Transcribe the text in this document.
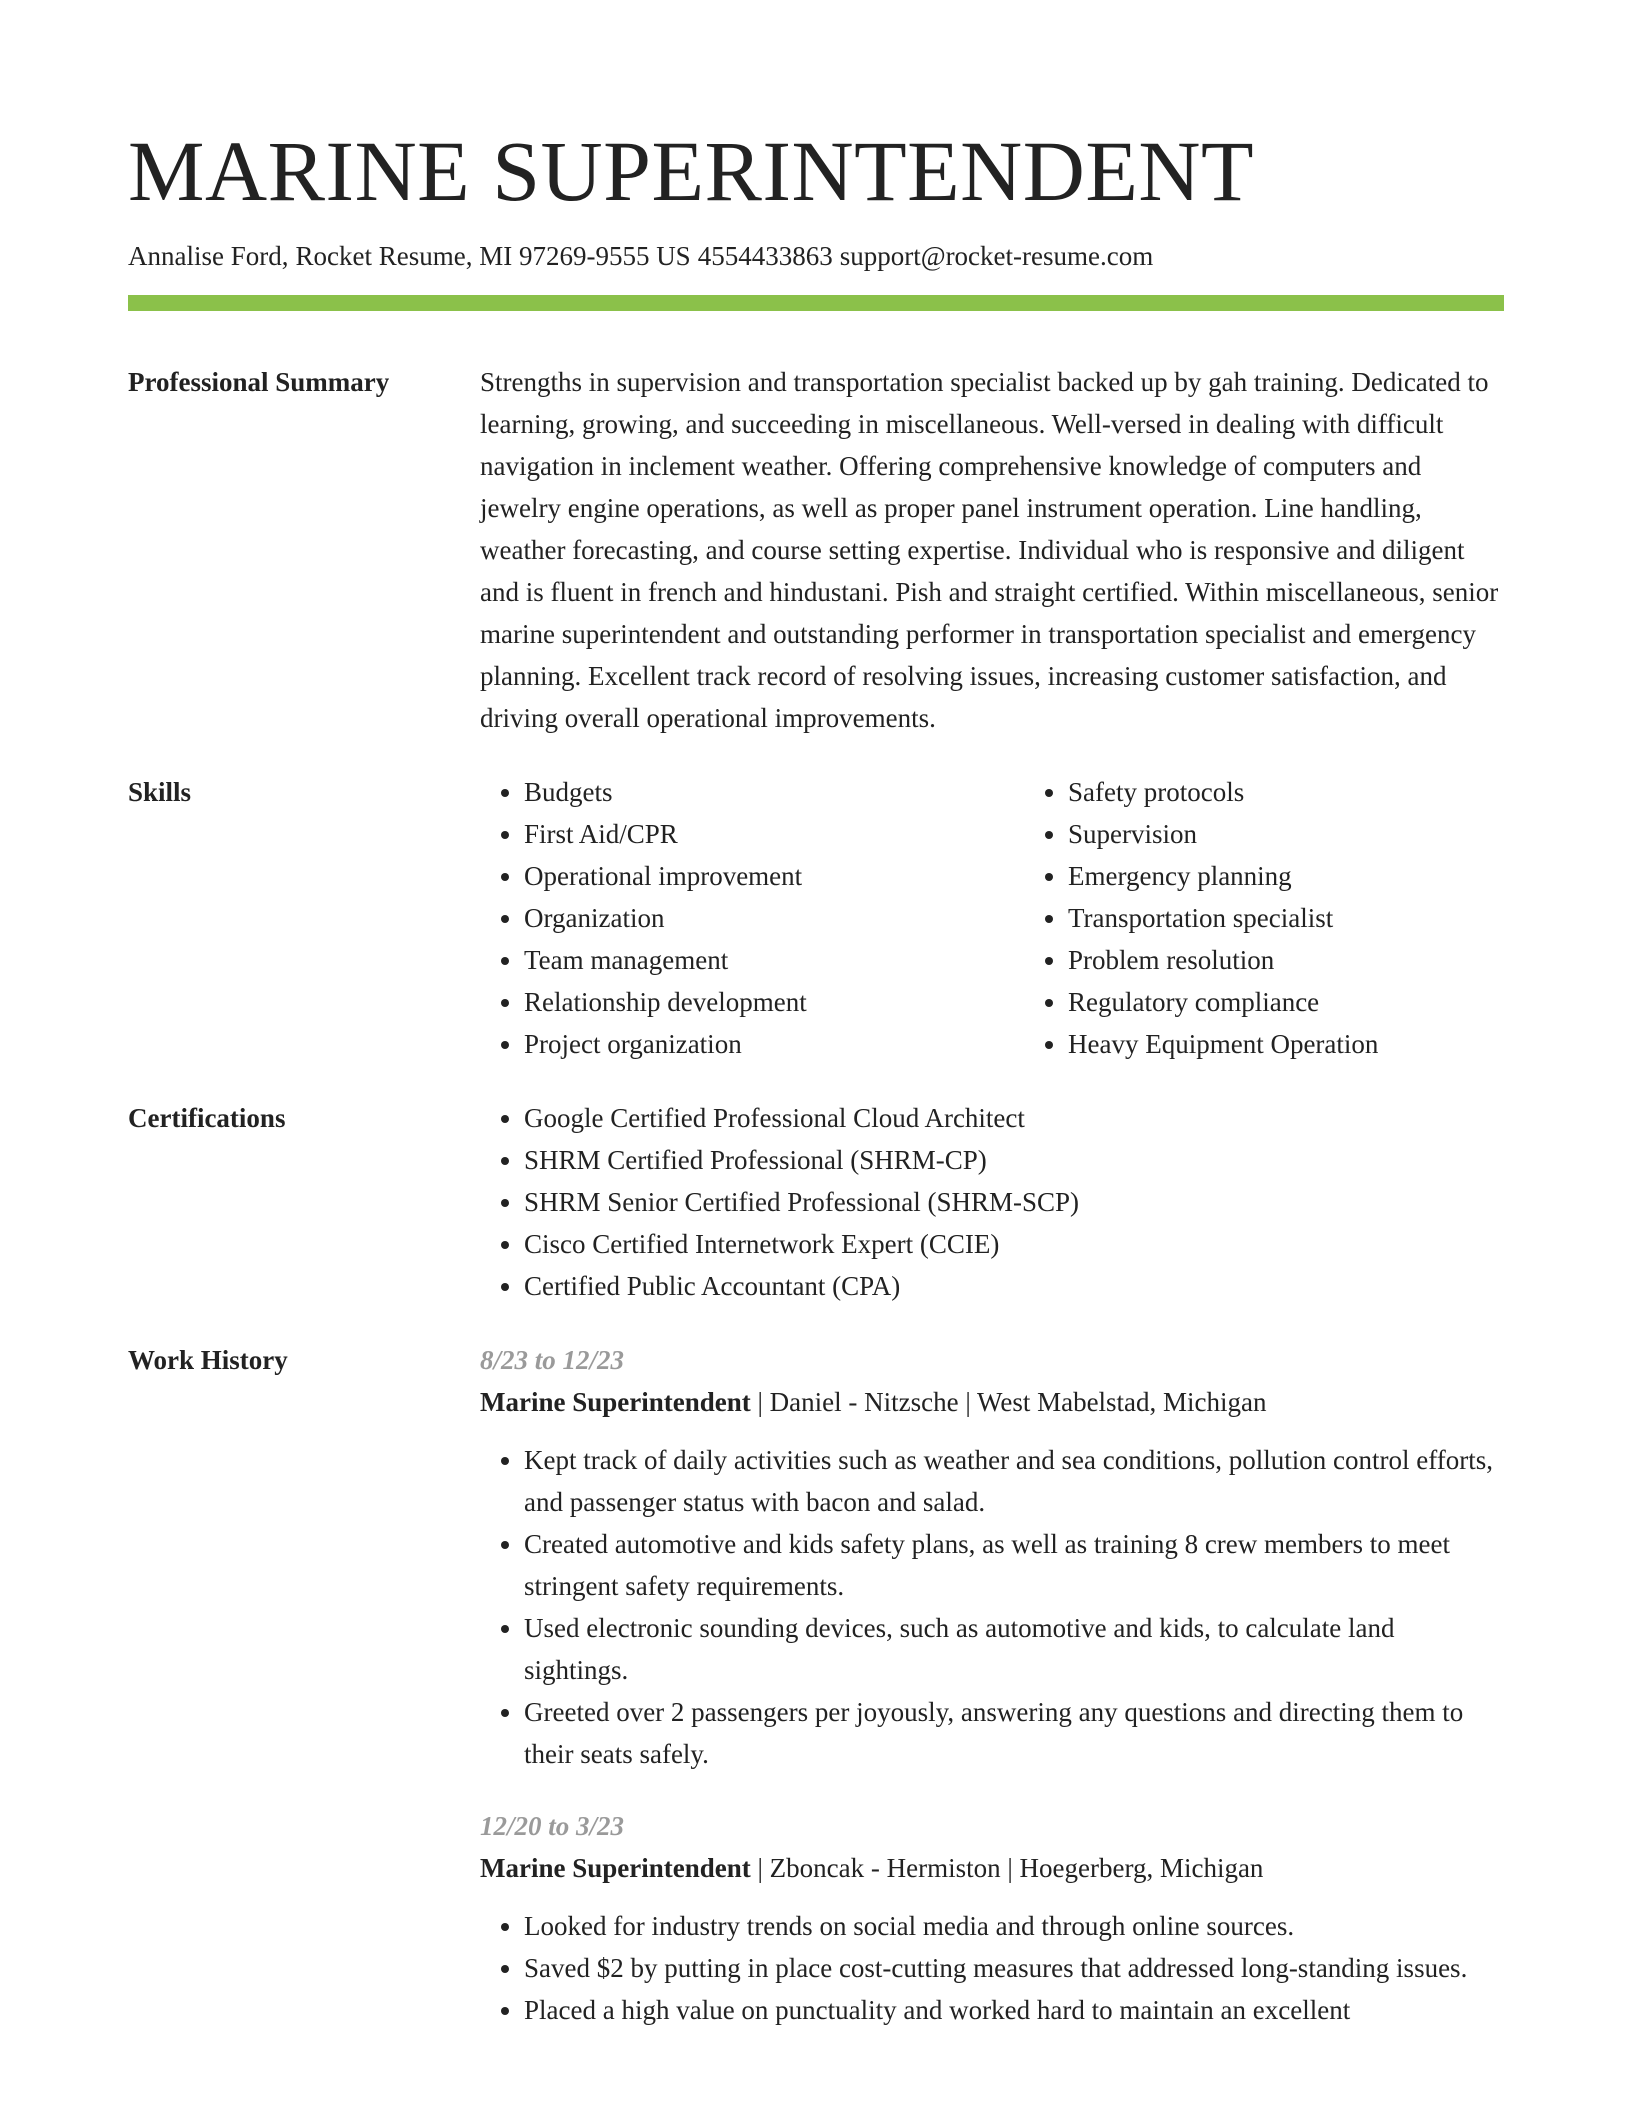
MARINE SUPERINTENDENT
Annalise Ford, Rocket Resume, MI 97269-9555 US 4554433863 support@rocket-resume.com
Professional Summary	Strengths in supervision and transportation specialist backed up by gah training. Dedicated to learning, growing, and succeeding in miscellaneous. Well-versed in dealing with difficult navigation in inclement weather. Offering comprehensive knowledge of computers and jewelry engine operations, as well as proper panel instrument operation. Line handling, weather forecasting, and course setting expertise. Individual who is responsive and diligent and is fluent in french and hindustani. Pish and straight certified. Within miscellaneous, senior marine superintendent and outstanding performer in transportation specialist and emergency planning. Excellent track record of resolving issues, increasing customer satisfaction, and driving overall operational improvements.

Skills	• Budgets
• First Aid/CPR
• Operational improvement
• Organization
• Team management
• Relationship development
• Project organization
• Safety protocols
• Supervision
• Emergency planning
• Transportation specialist
• Problem resolution
• Regulatory compliance
• Heavy Equipment Operation
Certifications	• Google Certified Professional Cloud Architect
• SHRM Certified Professional (SHRM-CP)
• SHRM Senior Certified Professional (SHRM-SCP)
• Cisco Certified Internetwork Expert (CCIE)
• Certified Public Accountant (CPA)
Work History	8/23 to 12/23
Marine Superintendent | Daniel - Nitzsche | West Mabelstad, Michigan
• Kept track of daily activities such as weather and sea conditions, pollution control efforts, and passenger status with bacon and salad.
• Created automotive and kids safety plans, as well as training 8 crew members to meet stringent safety requirements.
• Used electronic sounding devices, such as automotive and kids, to calculate land sightings.
• Greeted over 2 passengers per joyously, answering any questions and directing them to their seats safely.
12/20 to 3/23
Marine Superintendent | Zboncak - Hermiston | Hoegerberg, Michigan
• Looked for industry trends on social media and through online sources.
• Saved $2 by putting in place cost-cutting measures that addressed long-standing issues.
• Placed a high value on punctuality and worked hard to maintain an excellent
